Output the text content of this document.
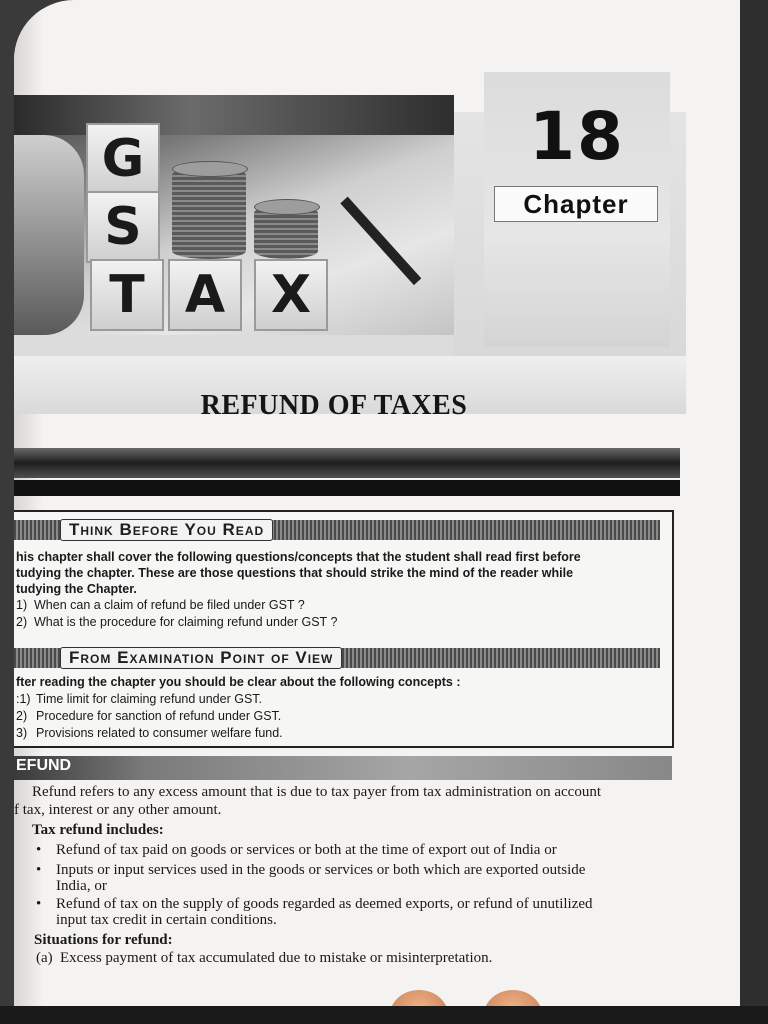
G
S
T A X
18
Chapter
REFUND OF TAXES
Think Before You Read
his chapter shall cover the following questions/concepts that the student shall read first before
tudying the chapter. These are those questions that should strike the mind of the reader while
tudying the Chapter.
1) When can a claim of refund be filed under GST ?
2) What is the procedure for claiming refund under GST ?
From Examination Point of View
fter reading the chapter you should be clear about the following concepts :
:1) Time limit for claiming refund under GST.
2) Procedure for sanction of refund under GST.
3) Provisions related to consumer welfare fund.
EFUND
Refund refers to any excess amount that is due to tax payer from tax administration on account
f tax, interest or any other amount.
Tax refund includes:
• Refund of tax paid on goods or services or both at the time of export out of India or
• Inputs or input services used in the goods or services or both which are exported outside
India, or
• Refund of tax on the supply of goods regarded as deemed exports, or refund of unutilized
input tax credit in certain conditions.
Situations for refund:
(a) Excess payment of tax accumulated due to mistake or misinterpretation.
